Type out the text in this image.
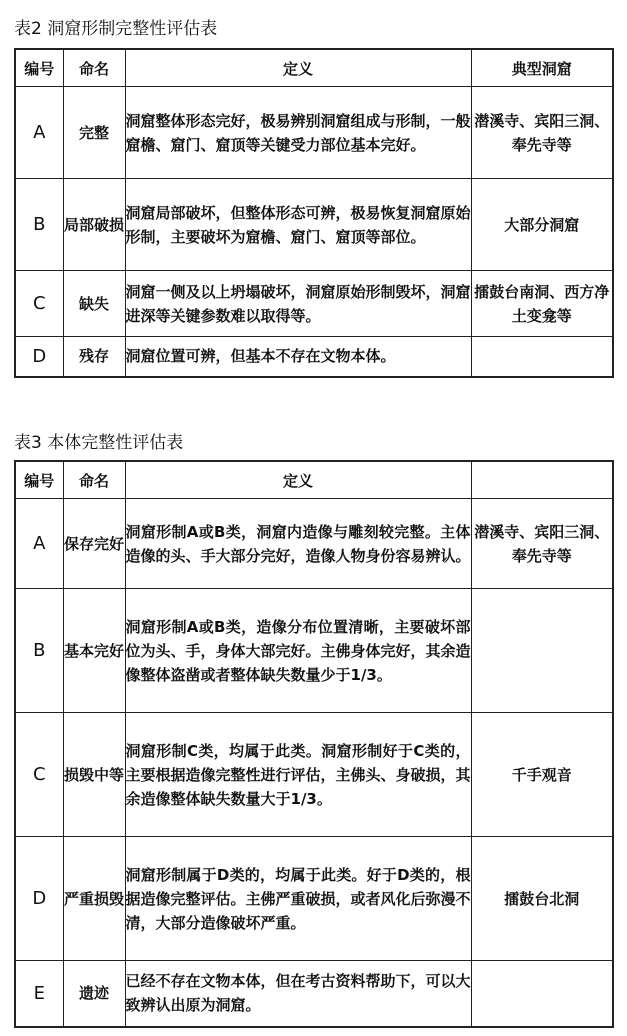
表2 洞窟形制完整性评估表
编号	命名	定义	典型洞窟
A	完整	洞窟整体形态完好，极易辨别洞窟组成与形制，一般窟檐、窟门、窟顶等关键受力部位基本完好。	潜溪寺、宾阳三洞、奉先寺等
B	局部破损	洞窟局部破坏，但整体形态可辨，极易恢复洞窟原始形制，主要破坏为窟檐、窟门、窟顶等部位。	大部分洞窟
C	缺失	洞窟一侧及以上坍塌破坏，洞窟原始形制毁坏，洞窟进深等关键参数难以取得等。	擂鼓台南洞、西方净土变龛等
D	残存	洞窟位置可辨，但基本不存在文物本体。	
表3 本体完整性评估表
编号	命名	定义	
A	保存完好	洞窟形制A或B类，洞窟内造像与雕刻较完整。主体造像的头、手大部分完好，造像人物身份容易辨认。	潜溪寺、宾阳三洞、奉先寺等
B	基本完好	洞窟形制A或B类，造像分布位置清晰，主要破坏部位为头、手，身体大部完好。主佛身体完好，其余造像整体盗凿或者整体缺失数量少于1/3。	
C	损毁中等	洞窟形制C类，均属于此类。洞窟形制好于C类的，主要根据造像完整性进行评估，主佛头、身破损，其余造像整体缺失数量大于1/3。	千手观音
D	严重损毁	洞窟形制属于D类的，均属于此类。好于D类的，根据造像完整评估。主佛严重破损，或者风化后弥漫不清，大部分造像破坏严重。	擂鼓台北洞
E	遗迹	已经不存在文物本体，但在考古资料帮助下，可以大致辨认出原为洞窟。	
